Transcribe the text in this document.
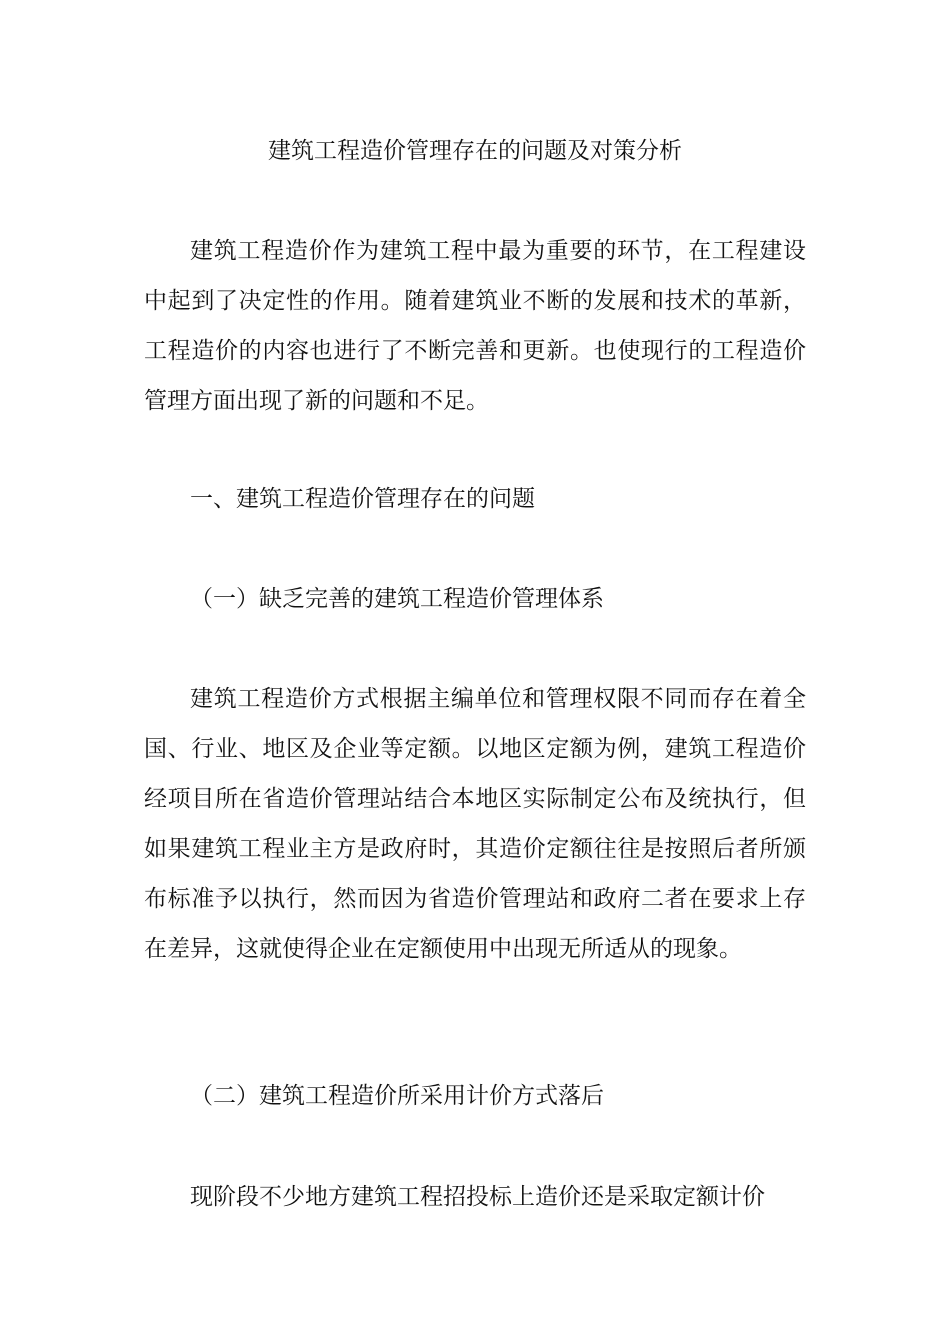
建筑工程造价管理存在的问题及对策分析

建筑工程造价作为建筑工程中最为重要的环节，在工程建设中起到了决定性的作用。随着建筑业不断的发展和技术的革新，工程造价的内容也进行了不断完善和更新。也使现行的工程造价管理方面出现了新的问题和不足。

一、建筑工程造价管理存在的问题
（一）缺乏完善的建筑工程造价管理体系

建筑工程造价方式根据主编单位和管理权限不同而存在着全国、行业、地区及企业等定额。以地区定额为例，建筑工程造价经项目所在省造价管理站结合本地区实际制定公布及统执行，但如果建筑工程业主方是政府时，其造价定额往往是按照后者所颁布标准予以执行，然而因为省造价管理站和政府二者在要求上存在差异，这就使得企业在定额使用中出现无所适从的现象。

（二）建筑工程造价所采用计价方式落后

现阶段不少地方建筑工程招投标上造价还是采取定额计价
